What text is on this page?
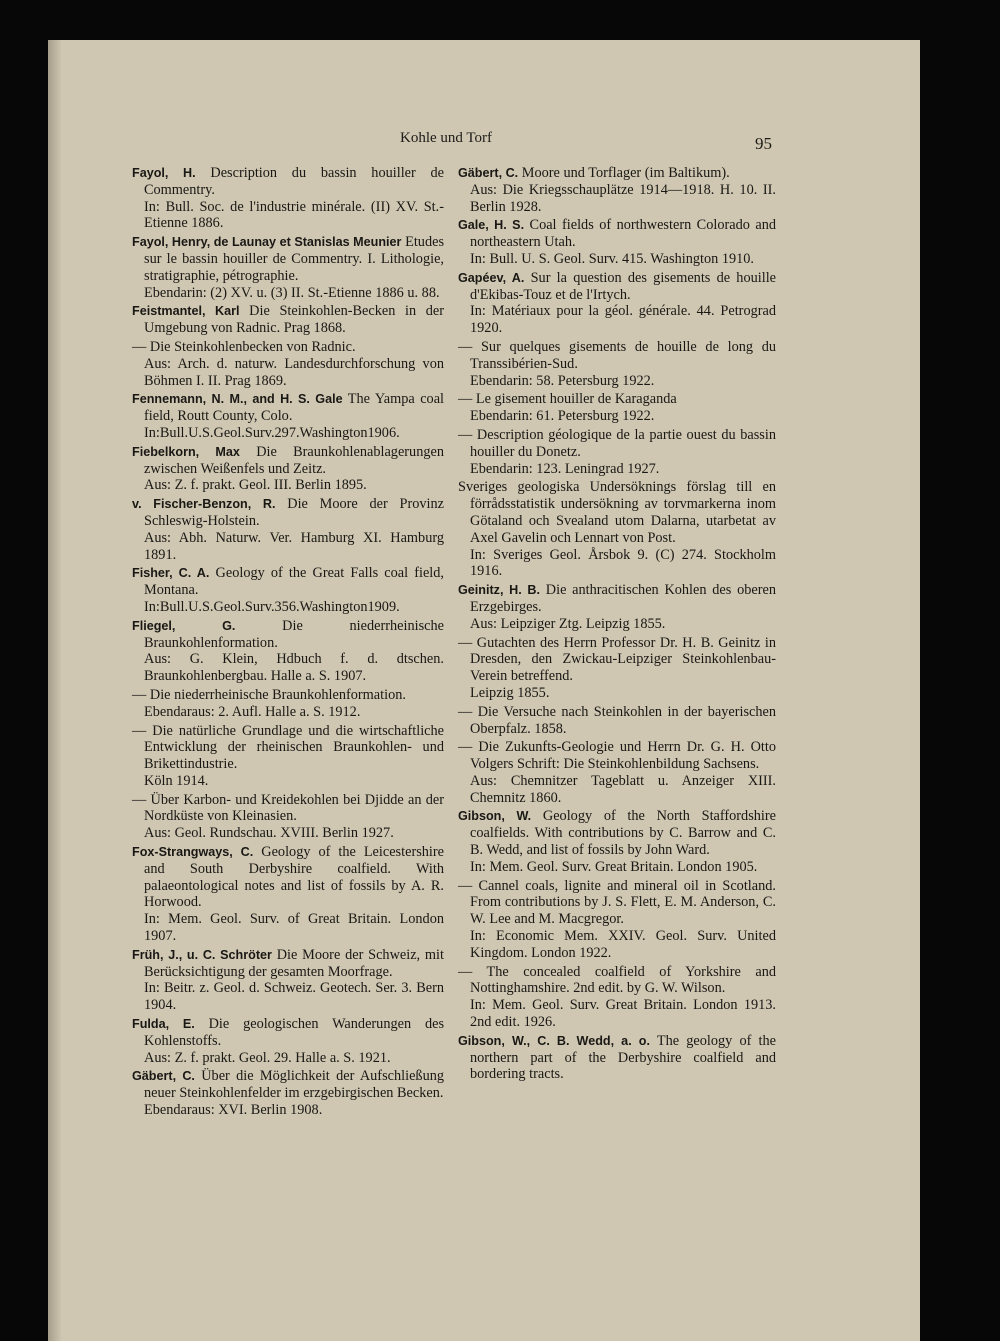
Kohle und Torf	95

Fayol, H. Description du bassin houiller de Commentry.

In: Bull. Soc. de l'industrie minérale. (II) XV. St.-Etienne 1886.

Fayol, Henry, de Launay et Stanislas Meunier Etudes sur le bassin houiller de Commentry. I. Lithologie, stratigraphie, pétrographie.

Ebendarin: (2) XV. u. (3) II. St.-Etienne 1886 u. 88.

Feistmantel, Karl Die Steinkohlen-Becken in der Umgebung von Radnic. Prag 1868.

— Die Steinkohlenbecken von Radnic.

Aus: Arch. d. naturw. Landesdurchforschung von Böhmen I. II. Prag 1869.

Fennemann, N. M., and H. S. Gale The Yampa coal field, Routt County, Colo.

In:Bull.U.S.Geol.Surv.297.Washington1906.

Fiebelkorn, Max Die Braunkohlenablagerungen zwischen Weißenfels und Zeitz.

Aus: Z. f. prakt. Geol. III. Berlin 1895.

v. Fischer-Benzon, R. Die Moore der Provinz Schleswig-Holstein.

Aus: Abh. Naturw. Ver. Hamburg XI. Hamburg 1891.

Fisher, C. A. Geology of the Great Falls coal field, Montana.

In:Bull.U.S.Geol.Surv.356.Washington1909.

Fliegel, G.	Die niederrheinische Braunkohlenformation.

Aus: G. Klein, Hdbuch f. d. dtschen. Braunkohlenbergbau. Halle a. S. 1907.

— Die niederrheinische Braunkohlenformation.

Ebendaraus: 2. Aufl. Halle a. S. 1912.

— Die natürliche Grundlage und die wirtschaftliche Entwicklung der rheinischen Braunkohlen- und Brikettindustrie.

Köln 1914.

— Über Karbon- und Kreidekohlen bei Djidde an der Nordküste von Kleinasien.

Aus: Geol. Rundschau. XVIII. Berlin 1927.

Fox-Strangways, C. Geology of the Leicestershire and South Derbyshire coalfield. With palaeontological notes and list of fossils by A. R. Horwood.

In: Mem. Geol. Surv. of Great Britain. London 1907.

Früh, J., u. C. Schröter Die Moore der Schweiz, mit Berücksichtigung der gesamten Moorfrage.

In: Beitr. z. Geol. d. Schweiz. Geotech. Ser. 3. Bern 1904.

Fulda, E. Die geologischen Wanderungen des Kohlenstoffs.

Aus: Z. f. prakt. Geol. 29. Halle a. S. 1921.

Gäbert, C. Über die Möglichkeit der Aufschließung neuer Steinkohlenfelder im erzgebirgischen Becken.

Ebendaraus: XVI. Berlin 1908.

Gäbert, C. Moore und Torflager (im Baltikum).

Aus: Die Kriegsschauplätze 1914—1918. H. 10. II. Berlin 1928.

Gale, H. S. Coal fields of northwestern Colorado and northeastern Utah.

In: Bull. U. S. Geol. Surv. 415. Washington 1910.

Gapéev, A. Sur la question des gisements de houille d'Ekibas-Touz et de l'Irtych.

In: Matériaux pour la géol. générale. 44. Petrograd 1920.

— Sur quelques gisements de houille de long du Transsibérien-Sud.

Ebendarin: 58. Petersburg 1922.

— Le gisement houiller de Karaganda

Ebendarin: 61. Petersburg 1922.

— Description géologique de la partie ouest du bassin houiller du Donetz.

Ebendarin: 123. Leningrad 1927.

Sveriges geologiska Undersöknings förslag till en förrådsstatistik undersökning av torvmarkerna inom Götaland och Svealand utom Dalarna, utarbetat av Axel Gavelin och Lennart von Post.

In: Sveriges Geol. Årsbok 9. (C) 274. Stockholm 1916.

Geinitz, H. B. Die anthracitischen Kohlen des oberen Erzgebirges.

Aus: Leipziger Ztg. Leipzig 1855.

— Gutachten des Herrn Professor Dr. H. B. Geinitz in Dresden, den Zwickau-Leipziger Steinkohlenbau-Verein betreffend.

Leipzig 1855.

— Die Versuche nach Steinkohlen in der bayerischen Oberpfalz. 1858.

— Die Zukunfts-Geologie und Herrn Dr. G. H. Otto Volgers Schrift: Die Steinkohlenbildung Sachsens.

Aus: Chemnitzer Tageblatt u. Anzeiger XIII. Chemnitz 1860.

Gibson, W. Geology of the North Staffordshire coalfields. With contributions by C. Barrow and C. B. Wedd, and list of fossils by John Ward.

In: Mem. Geol. Surv. Great Britain. London 1905.

— Cannel coals, lignite and mineral oil in Scotland. From contributions by J. S. Flett, E. M. Anderson, C. W. Lee and M. Macgregor.

In: Economic Mem. XXIV. Geol. Surv. United Kingdom. London 1922.

— The concealed coalfield of Yorkshire and Nottinghamshire. 2nd edit. by G. W. Wilson.

In: Mem. Geol. Surv. Great Britain. London 1913. 2nd edit. 1926.

Gibson, W., C. B. Wedd, a. o. The geology of the northern part of the Derbyshire coalfield and bordering tracts.
